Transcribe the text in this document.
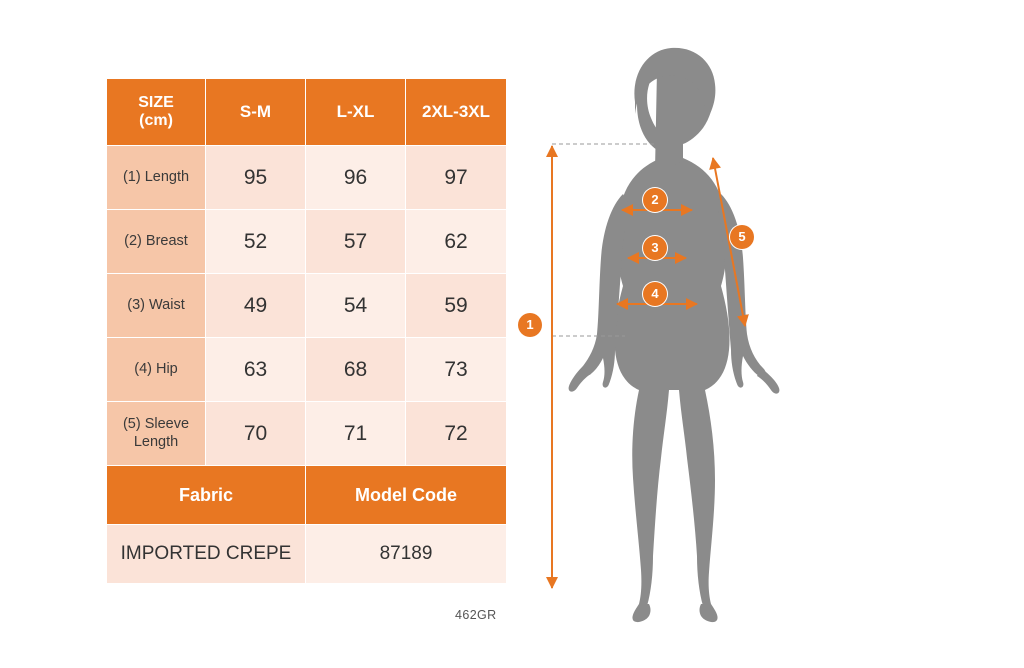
SIZE
(cm)	S-M	L-XL	2XL-3XL
(1) Length	95	96	97
(2) Breast	52	57	62
(3) Waist	49	54	59
(4) Hip	63	68	73

(5) Sleeve
Length	70	71	72
Fabric		Model Code	
IMPORTED CREPE		87189	
462GR
1
2
3
4
5
